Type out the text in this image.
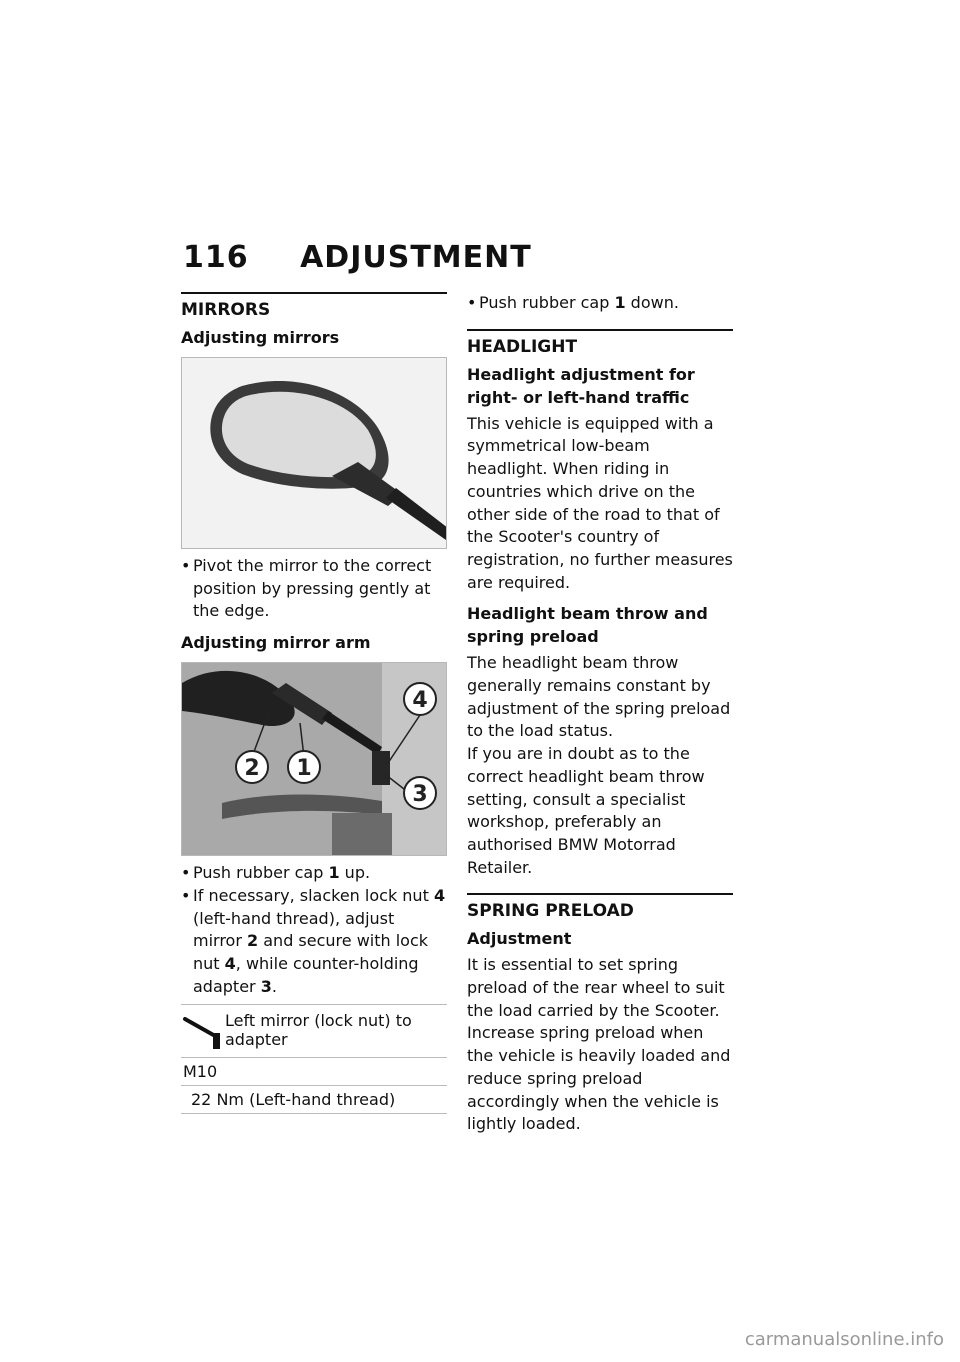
116 ADJUSTMENT
MIRRORS
Adjusting mirrors
• Pivot the mirror to the correct position by pressing gently at the edge.
Adjusting mirror arm
1
2
3
4
• Push rubber cap 1 up.
• If necessary, slacken lock nut 4 (left-hand thread), adjust mirror 2 and secure with lock nut 4, while counter-holding adapter 3.
Left mirror (lock nut) to adapter
M10
22 Nm (Left-hand thread)
• Push rubber cap 1 down.
HEADLIGHT
Headlight adjustment for right- or left-hand traffic
This vehicle is equipped with a symmetrical low-beam headlight. When riding in countries which drive on the other side of the road to that of the Scooter's country of registration, no further measures are required.
Headlight beam throw and spring preload
The headlight beam throw generally remains constant by adjustment of the spring preload to the load status.
If you are in doubt as to the correct headlight beam throw setting, consult a specialist workshop, preferably an authorised BMW Motorrad Retailer.
SPRING PRELOAD
Adjustment
It is essential to set spring preload of the rear wheel to suit the load carried by the Scooter. Increase spring preload when the vehicle is heavily loaded and reduce spring preload accordingly when the vehicle is lightly loaded.
carmanualsonline.info
